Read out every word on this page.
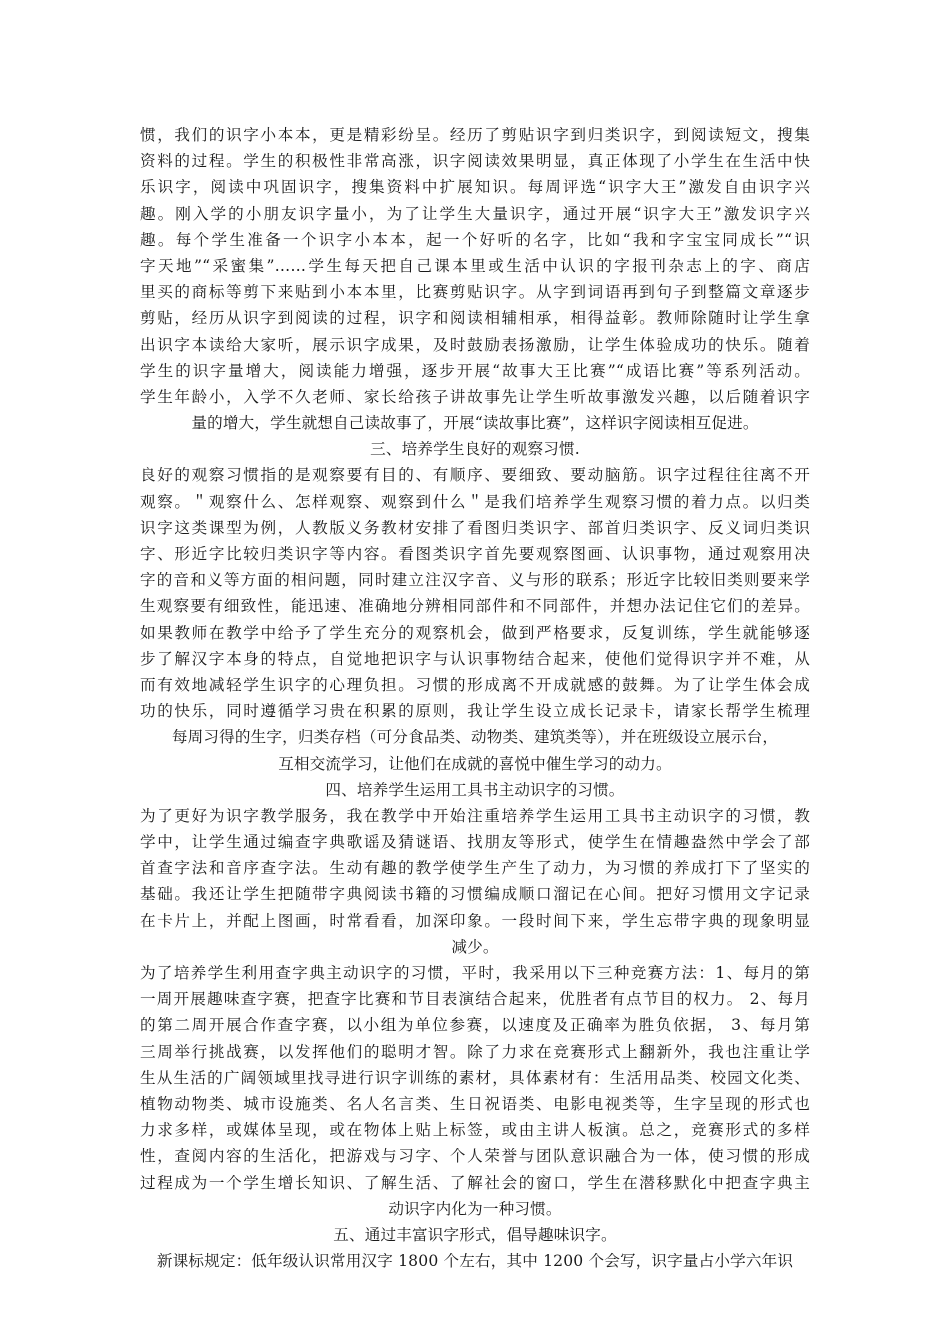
惯，我们的识字小本本，更是精彩纷呈。经历了剪贴识字到归类识字，到阅读短文，搜集
资料的过程。学生的积极性非常高涨，识字阅读效果明显，真正体现了小学生在生活中快
乐识字，阅读中巩固识字，搜集资料中扩展知识。每周评选“识字大王”激发自由识字兴
趣。刚入学的小朋友识字量小，为了让学生大量识字，通过开展“识字大王”激发识字兴
趣。每个学生准备一个识字小本本，起一个好听的名字，比如“我和字宝宝同成长”“识
字天地”“采蜜集”……学生每天把自己课本里或生活中认识的字报刊杂志上的字、商店
里买的商标等剪下来贴到小本本里，比赛剪贴识字。从字到词语再到句子到整篇文章逐步
剪贴，经历从识字到阅读的过程，识字和阅读相辅相承，相得益彰。教师除随时让学生拿
出识字本读给大家听，展示识字成果，及时鼓励表扬激励，让学生体验成功的快乐。随着
学生的识字量增大，阅读能力增强，逐步开展“故事大王比赛”“成语比赛”等系列活动。
学生年龄小，入学不久老师、家长给孩子讲故事先让学生听故事激发兴趣，以后随着识字
量的增大，学生就想自己读故事了，开展“读故事比赛”，这样识字阅读相互促进。
三、培养学生良好的观察习惯.
良好的观察习惯指的是观察要有目的、有顺序、要细致、要动脑筋。识字过程往往离不开
观察。＂观察什么、怎样观察、观察到什么＂是我们培养学生观察习惯的着力点。以归类
识字这类课型为例，人教版义务教材安排了看图归类识字、部首归类识字、反义词归类识
字、形近字比较归类识字等内容。看图类识字首先要观察图画、认识事物，通过观察用决
字的音和义等方面的相问题，同时建立注汉字音、义与形的联系；形近字比较旧类则要来学
生观察要有细致性，能迅速、准确地分辨相同部件和不同部件，并想办法记住它们的差异。
如果教师在教学中给予了学生充分的观察机会，做到严格要求，反复训练，学生就能够逐
步了解汉字本身的特点，自觉地把识字与认识事物结合起来，使他们觉得识字并不难，从
而有效地减轻学生识字的心理负担。习惯的形成离不开成就感的鼓舞。为了让学生体会成
功的快乐，同时遵循学习贵在积累的原则，我让学生设立成长记录卡，请家长帮学生梳理
每周习得的生字，归类存档（可分食品类、动物类、建筑类等），并在班级设立展示台，
互相交流学习，让他们在成就的喜悦中催生学习的动力。
四、培养学生运用工具书主动识字的习惯。
为了更好为识字教学服务，我在教学中开始注重培养学生运用工具书主动识字的习惯，教
学中，让学生通过编查字典歌谣及猜谜语、找朋友等形式，使学生在情趣盎然中学会了部
首查字法和音序查字法。生动有趣的教学使学生产生了动力，为习惯的养成打下了坚实的
基础。我还让学生把随带字典阅读书籍的习惯编成顺口溜记在心间。把好习惯用文字记录
在卡片上，并配上图画，时常看看，加深印象。一段时间下来，学生忘带字典的现象明显
减少。
为了培养学生利用查字典主动识字的习惯，平时，我采用以下三种竞赛方法：1、每月的第
一周开展趣味查字赛，把查字比赛和节目表演结合起来，优胜者有点节目的权力。 2、每月
的第二周开展合作查字赛，以小组为单位参赛，以速度及正确率为胜负依据， 3、每月第
三周举行挑战赛，以发挥他们的聪明才智。除了力求在竞赛形式上翻新外，我也注重让学
生从生活的广阔领域里找寻进行识字训练的素材，具体素材有：生活用品类、校园文化类、
植物动物类、城市设施类、名人名言类、生日祝语类、电影电视类等，生字呈现的形式也
力求多样，或媒体呈现，或在物体上贴上标签，或由主讲人板演。总之，竞赛形式的多样
性，查阅内容的生活化，把游戏与习字、个人荣誉与团队意识融合为一体，使习惯的形成
过程成为一个学生增长知识、了解生活、了解社会的窗口，学生在潜移默化中把查字典主
动识字内化为一种习惯。
五、通过丰富识字形式，倡导趣味识字。
新课标规定：低年级认识常用汉字 1800 个左右，其中 1200 个会写，识字量占小学六年识
